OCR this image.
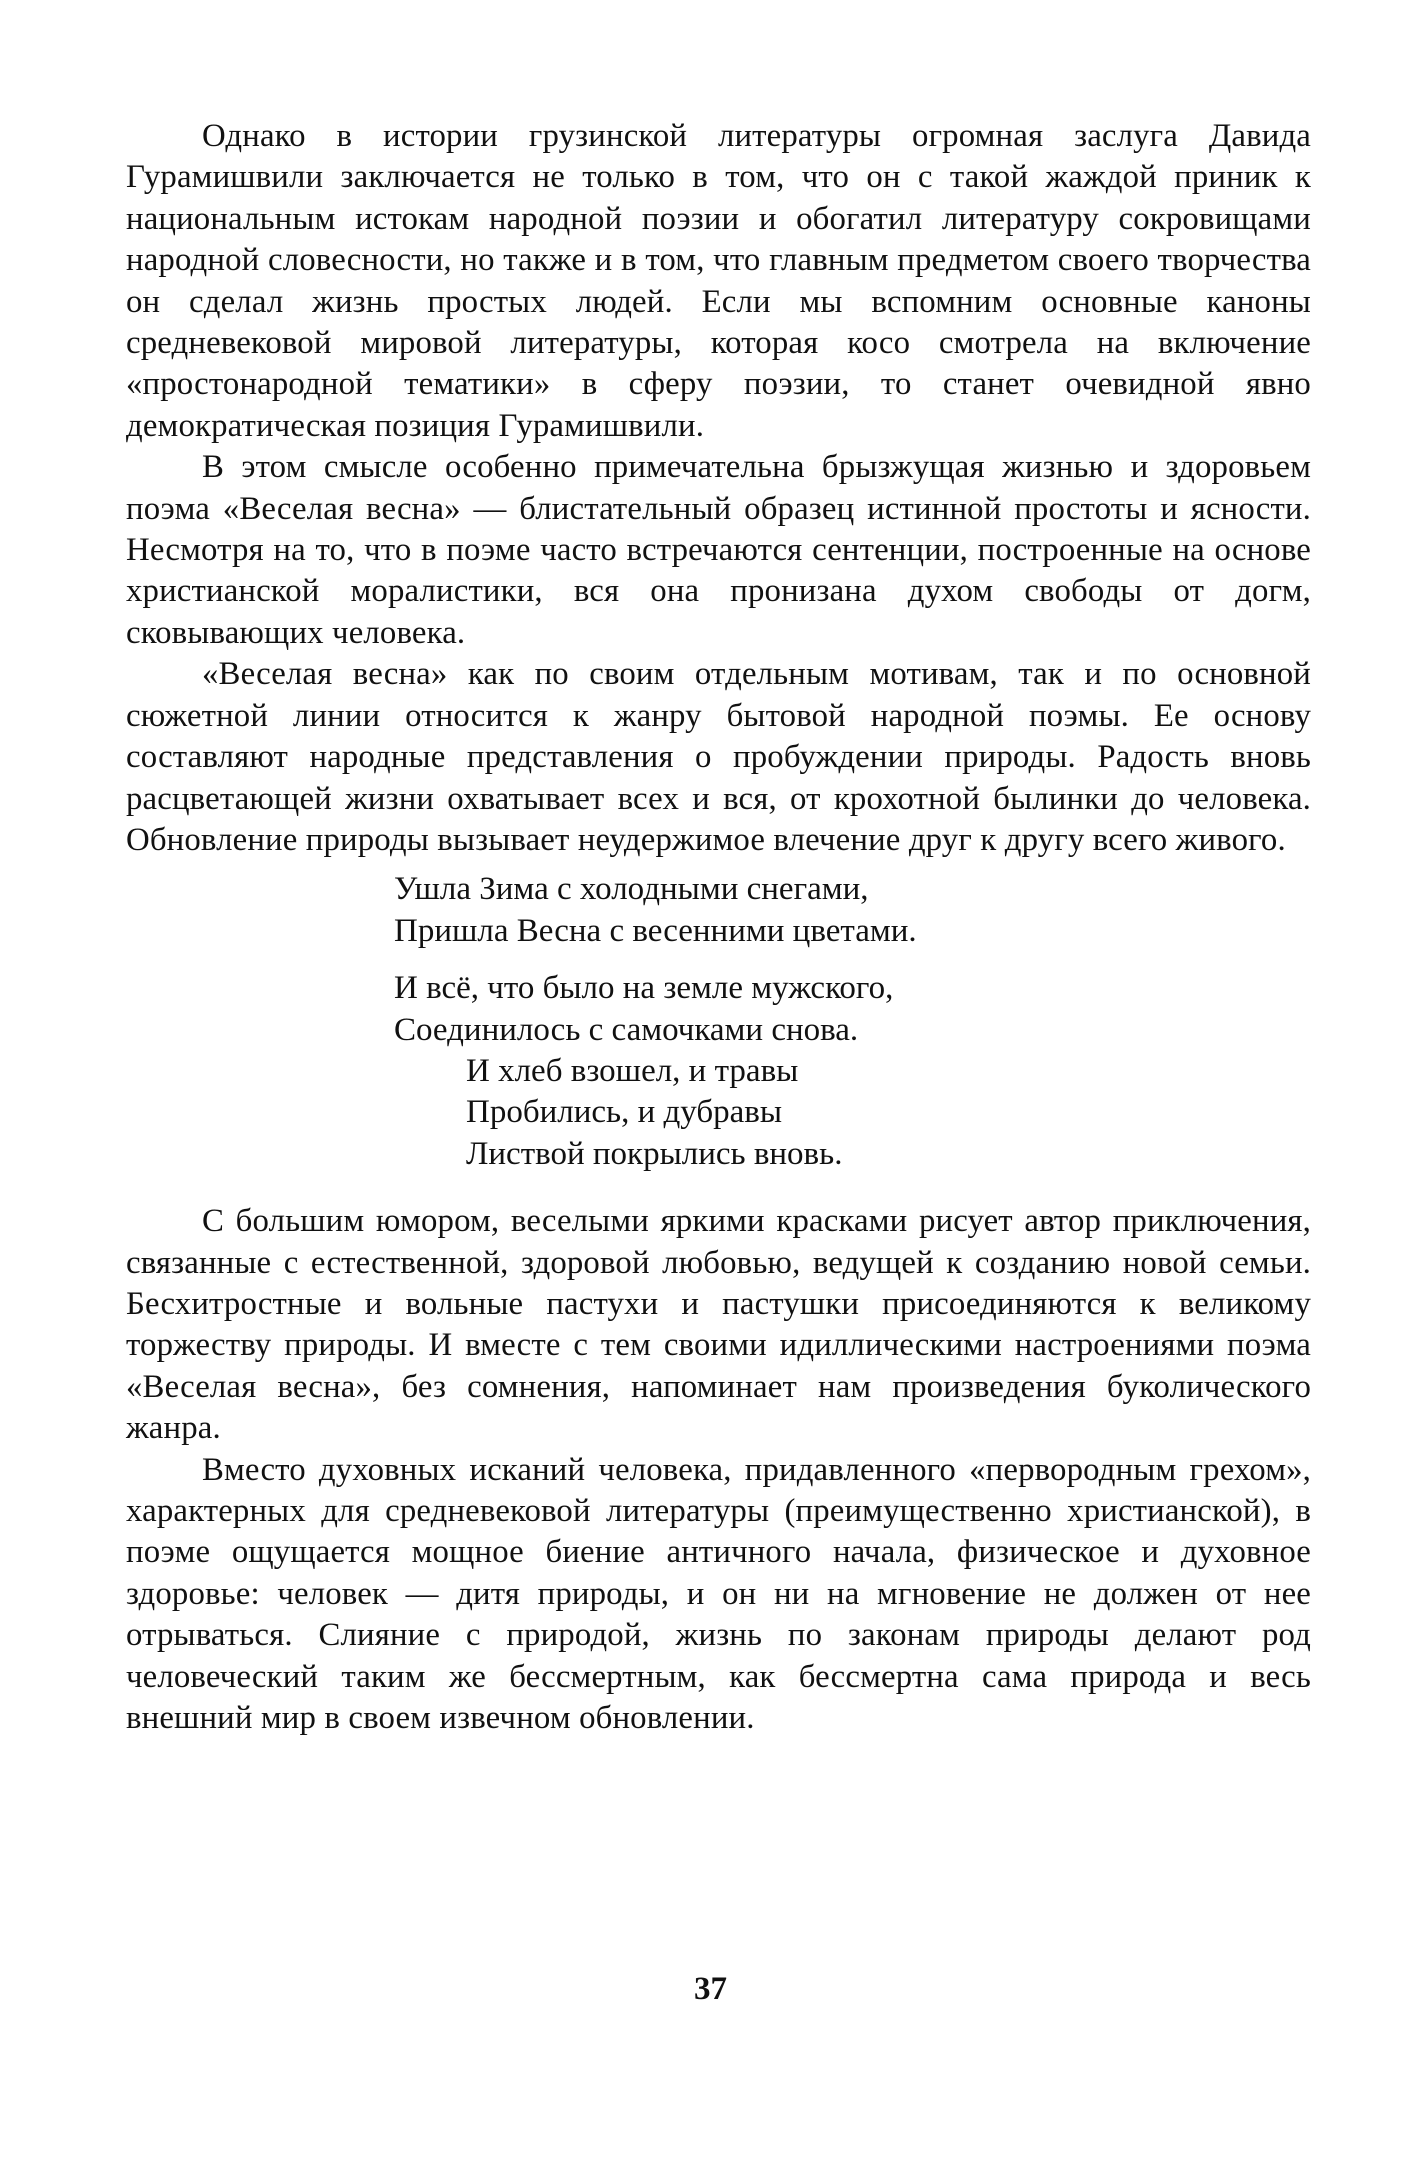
Однако в истории грузинской литературы огромная заслуга Давида Гурамишвили заключается не только в том, что он с такой жаждой приник к национальным истокам народной поэзии и обогатил литературу сокровищами народной словесности, но также и в том, что главным предметом своего творчества он сделал жизнь простых людей. Если мы вспомним основные каноны средневековой мировой литературы, которая косо смотрела на включение «простонародной тематики» в сферу поэзии, то станет очевидной явно демократическая позиция Гурамишвили.

В этом смысле особенно примечательна брызжущая жизнью и здоровьем поэма «Веселая весна» — блистательный образец истинной простоты и ясности. Несмотря на то, что в поэме часто встречаются сентенции, построенные на основе христианской моралистики, вся она пронизана духом свободы от догм, сковывающих человека.

«Веселая весна» как по своим отдельным мотивам, так и по основной сюжетной линии относится к жанру бытовой народной поэмы. Ее основу составляют народные представления о пробуждении природы. Радость вновь расцветающей жизни охватывает всех и вся, от крохотной былинки до человека. Обновление природы вызывает неудержимое влечение друг к другу всего живого.

Ушла Зима с холодными снегами,
Пришла Весна с весенними цветами.
И всё, что было на земле мужского,
Соединилось с самочками снова.
И хлеб взошел, и травы
Пробились, и дубравы
Листвой покрылись вновь.

С большим юмором, веселыми яркими красками рисует автор приключения, связанные с естественной, здоровой любовью, ведущей к созданию новой семьи. Бесхитростные и вольные пастухи и пастушки присоединяются к великому торжеству природы. И вместе с тем своими идиллическими настроениями поэма «Веселая весна», без сомнения, напоминает нам произведения буколического жанра.

Вместо духовных исканий человека, придавленного «первородным грехом», характерных для средневековой литературы (преимущественно христианской), в поэме ощущается мощное биение античного начала, физическое и духовное здоровье: человек — дитя природы, и он ни на мгновение не должен от нее отрываться. Слияние с природой, жизнь по законам природы делают род человеческий таким же бессмертным, как бессмертна сама природа и весь внешний мир в своем извечном обновлении.

37
